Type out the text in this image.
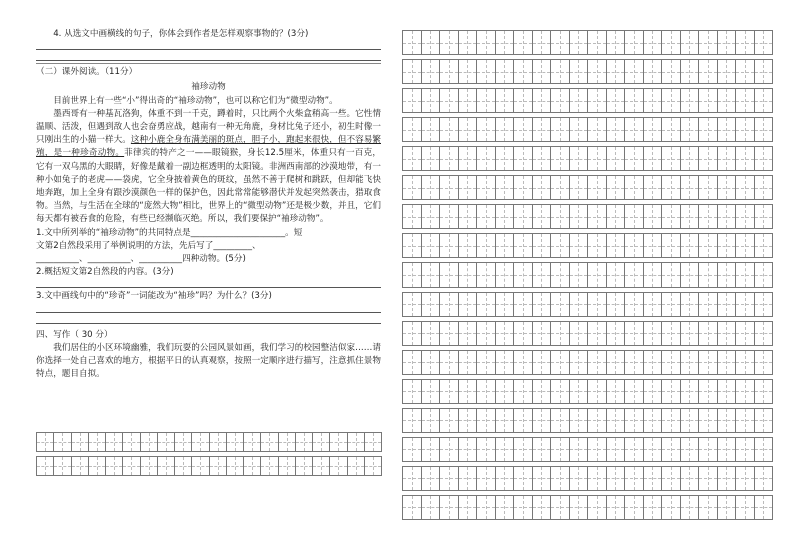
4. 从选文中画横线的句子，你体会到作者是怎样观察事物的？(3分)

（二）课外阅读。（11分）
袖珍动物

目前世界上有一些“小”得出奇的“袖珍动物”，也可以称它们为“微型动物”。

墨西哥有一种基瓦洛狗，体重不到一千克，蹲着时，只比两个火柴盒稍高一些。它性情温顺、活泼，但遇到敌人也会奋勇应战，越南有一种无角鹿，身材比兔子还小，初生时像一只刚出生的小猫一样大。这种小鹿全身布满美丽的斑点，胆子小，跑起来很快，但不容易繁殖，是一种珍奇动物。菲律宾的特产之一——眼镜猴，身长12.5厘米，体重只有一百克，它有一双乌黑的大眼睛，好像是戴着一副边框透明的太阳镜。非洲西南部的沙漠地带，有一种小如兔子的老虎——袋虎，它全身披着黄色的斑纹，虽然不善于爬树和跳跃，但却能飞快地奔跑，加上全身有跟沙漠颜色一样的保护色，因此常常能够潜伏并发起突然袭击，猎取食物。当然，与生活在全球的“庞然大物”相比，世界上的“微型动物”还是极少数，并且，它们每天都有被吞食的危险，有些已经濒临灭绝。所以，我们要保护“袖珍动物”。

1.文中所列举的“袖珍动物”的共同特点是______________________。短

文第2自然段采用了举例说明的方法，先后写了_________、

__________、__________、__________四种动物。(5分)

2.概括短文第2自然段的内容。(3分)

3.文中画线句中的“珍奇”一词能改为“袖珍”吗？为什么？(3分)

四、写作（ 30 分）

我们居住的小区环境幽雅，我们玩耍的公园风景如画，我们学习的校园整洁似家……请你选择一处自己喜欢的地方，根据平日的认真观察，按照一定顺序进行描写，注意抓住景物特点，题目自拟。
